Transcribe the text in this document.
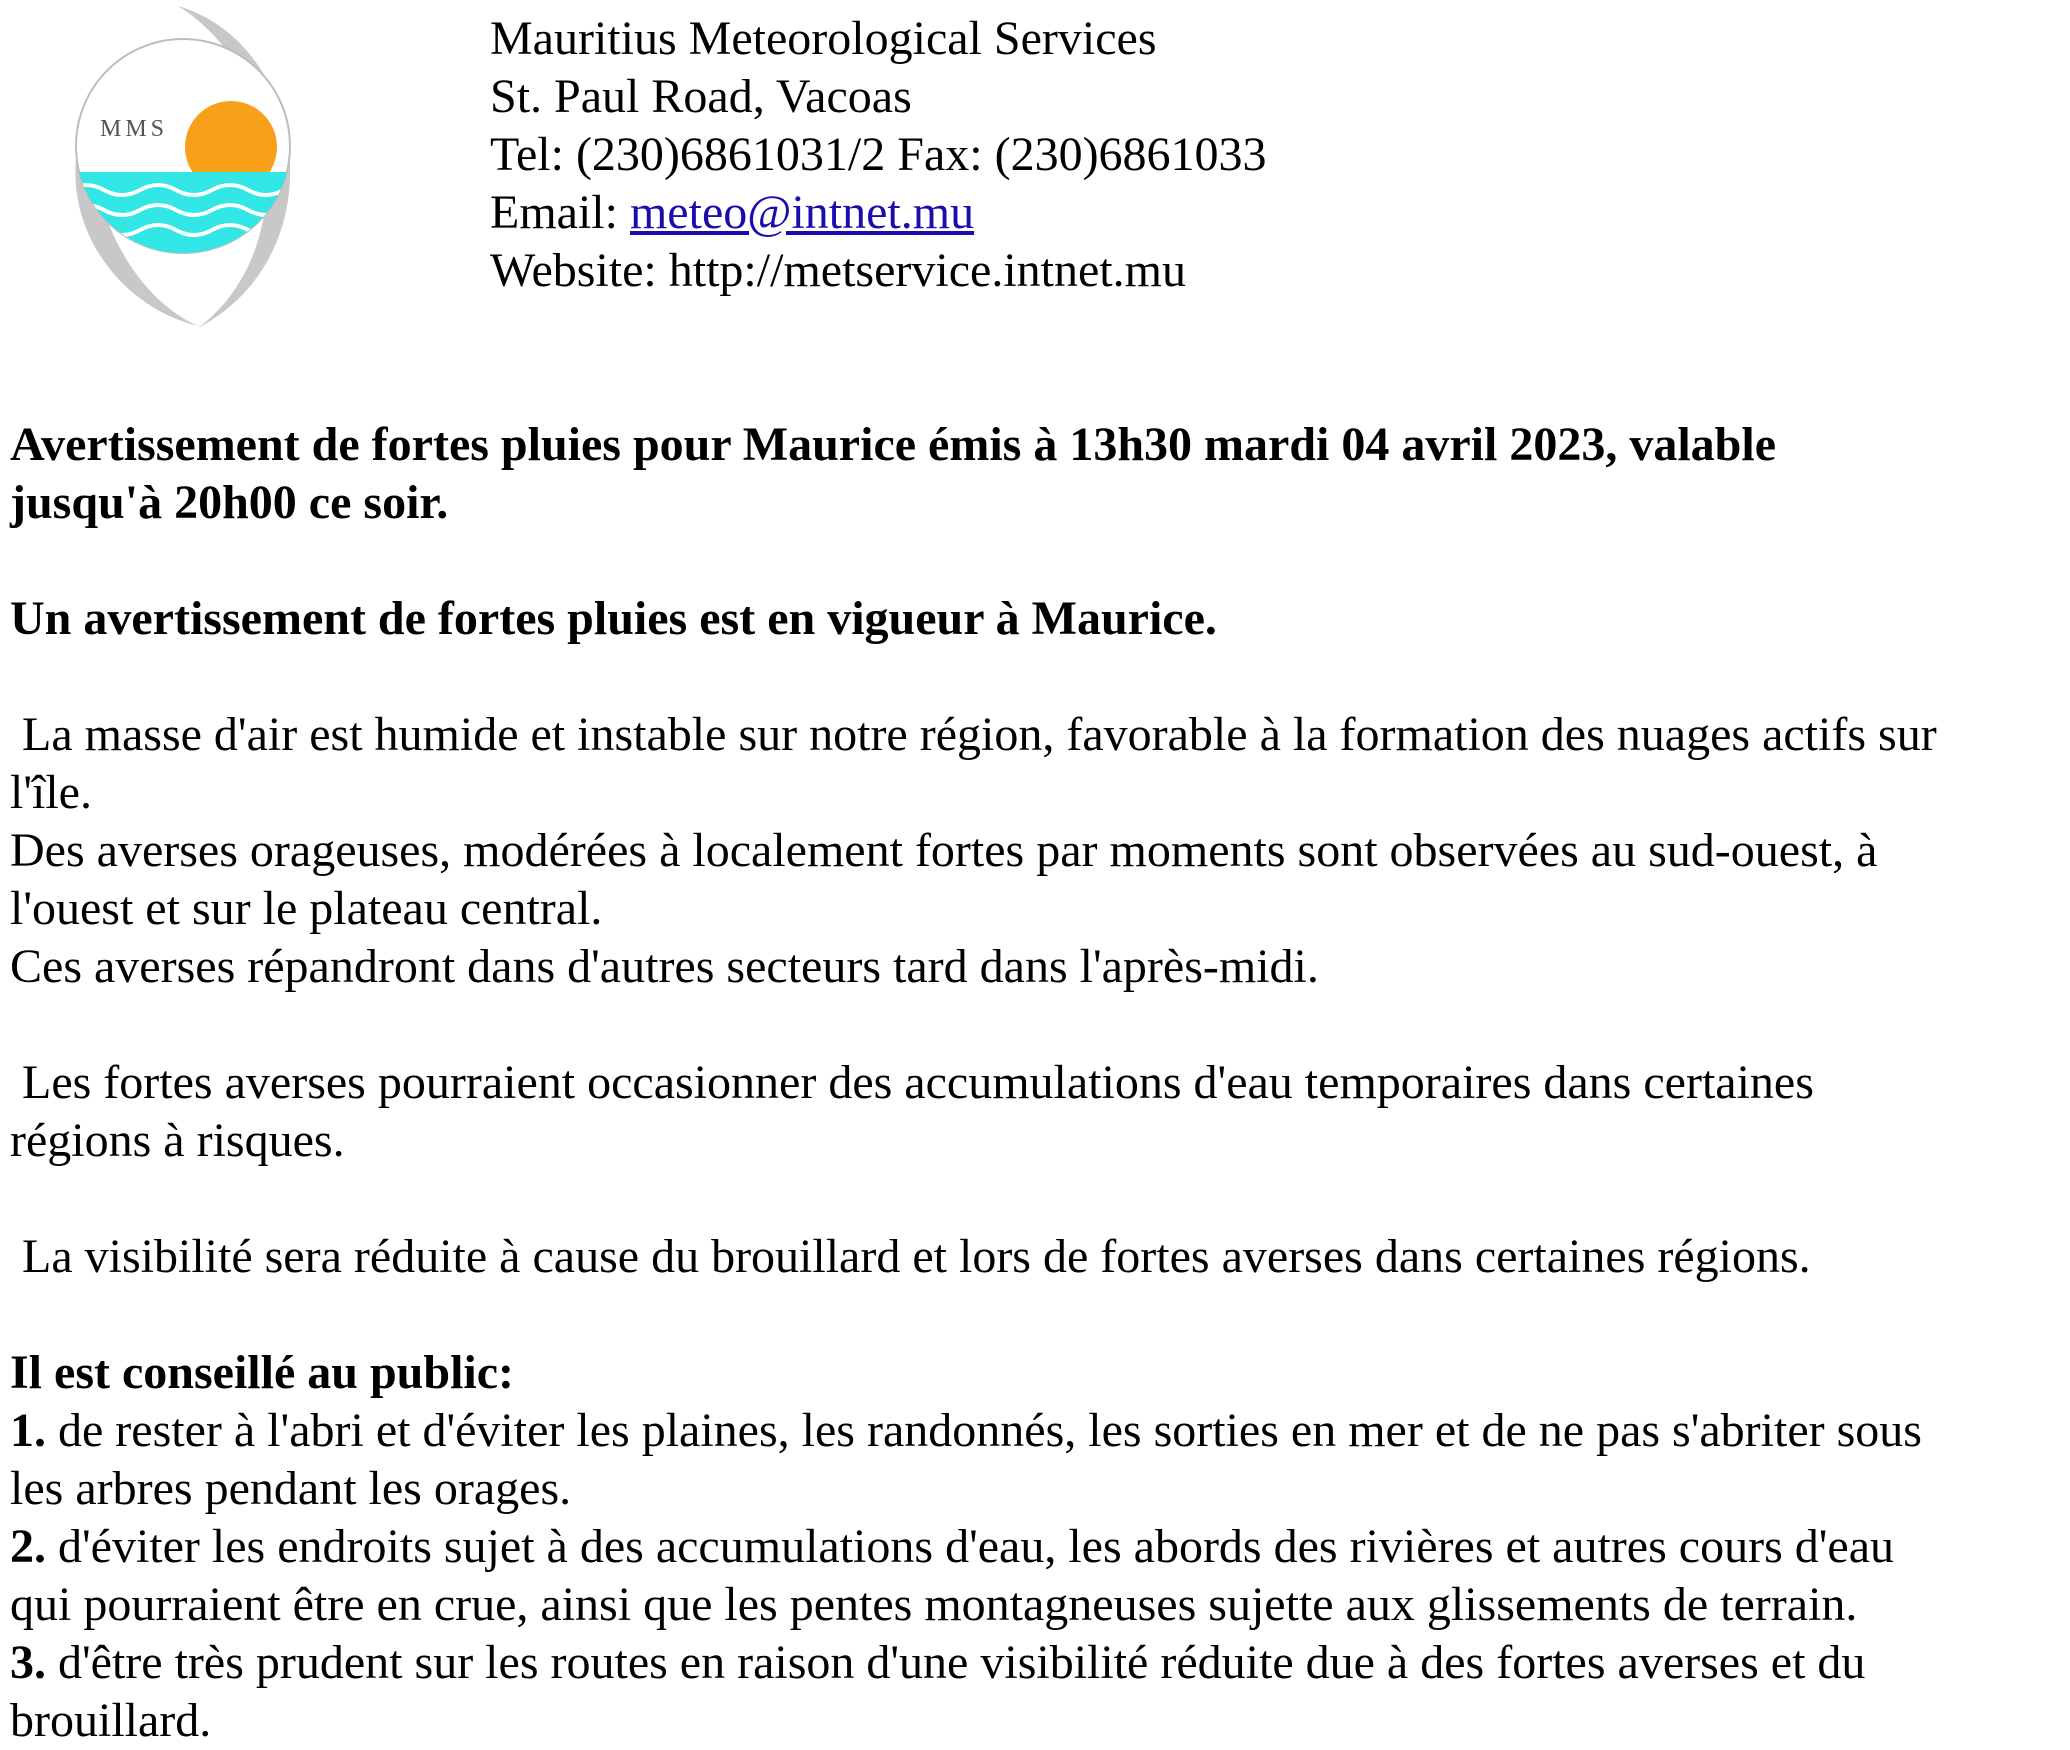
MMS
Mauritius Meteorological Services
St. Paul Road, Vacoas
Tel: (230)6861031/2 Fax: (230)6861033
Email: meteo@intnet.mu
Website: http://metservice.intnet.mu
Avertissement de fortes pluies pour Maurice émis à 13h30 mardi 04 avril 2023, valable
jusqu'à 20h00 ce soir.
Un avertissement de fortes pluies est en vigueur à Maurice.
La masse d'air est humide et instable sur notre région, favorable à la formation des nuages actifs sur
l'île.
Des averses orageuses, modérées à localement fortes par moments sont observées au sud-ouest, à
l'ouest et sur le plateau central.
Ces averses répandront dans d'autres secteurs tard dans l'après-midi.
Les fortes averses pourraient occasionner des accumulations d'eau temporaires dans certaines
régions à risques.
La visibilité sera réduite à cause du brouillard et lors de fortes averses dans certaines régions.
Il est conseillé au public:
1. de rester à l'abri et d'éviter les plaines, les randonnés, les sorties en mer et de ne pas s'abriter sous
les arbres pendant les orages.
2. d'éviter les endroits sujet à des accumulations d'eau, les abords des rivières et autres cours d'eau
qui pourraient être en crue, ainsi que les pentes montagneuses sujette aux glissements de terrain.
3. d'être très prudent sur les routes en raison d'une visibilité réduite due à des fortes averses et du
brouillard.
